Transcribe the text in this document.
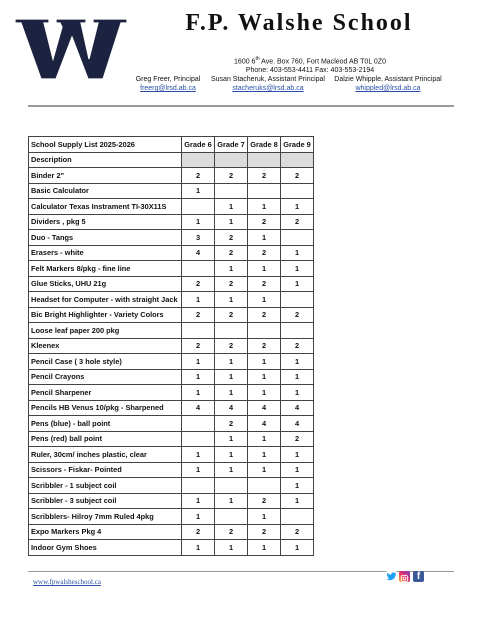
F.P. Walshe School
1600 6th Ave. Box 760, Fort Macleod AB T0L 0Z0
Phone: 403-553-4411 Fax: 403-553-2194
Greg Freer, Principal
freerg@lrsd.ab.ca
Susan Stacheruk, Assistant Principal
stacheruks@lrsd.ab.ca
Dalzie Whipple, Assistant Principal
whippled@lrsd.ab.ca
School Supply List 2025-2026	Grade 6	Grade 7	Grade 8	Grade 9
Description				
Binder 2"	2	2	2	2
Basic Calculator	1			
Calculator Texas Instrament TI-30X11S		1	1	1
Dividers , pkg 5	1	1	2	2
Duo - Tangs	3	2	1	
Erasers - white	4	2	2	1
Felt Markers 8/pkg - fine line		1	1	1
Glue Sticks, UHU 21g	2	2	2	1
Headset for Computer - with straight Jack	1	1	1	
Bic Bright Highlighter - Variety Colors	2	2	2	2
Loose leaf paper 200 pkg				
Kleenex	2	2	2	2
Pencil Case ( 3 hole style)	1	1	1	1
Pencil Crayons	1	1	1	1
Pencil Sharpener	1	1	1	1
Pencils HB Venus 10/pkg - Sharpened	4	4	4	4
Pens (blue) - ball point		2	4	4
Pens (red) ball point		1	1	2
Ruler, 30cm/ inches plastic, clear	1	1	1	1
Scissors - Fiskar- Pointed	1	1	1	1
Scribbler - 1 subject coil				1
Scribbler - 3 subject coil	1	1	2	1
Scribblers- Hilroy 7mm Ruled 4pkg	1		1	
Expo Markers Pkg 4	2	2	2	2
Indoor Gym Shoes	1	1	1	1
www.fpwalsheschool.ca	f
